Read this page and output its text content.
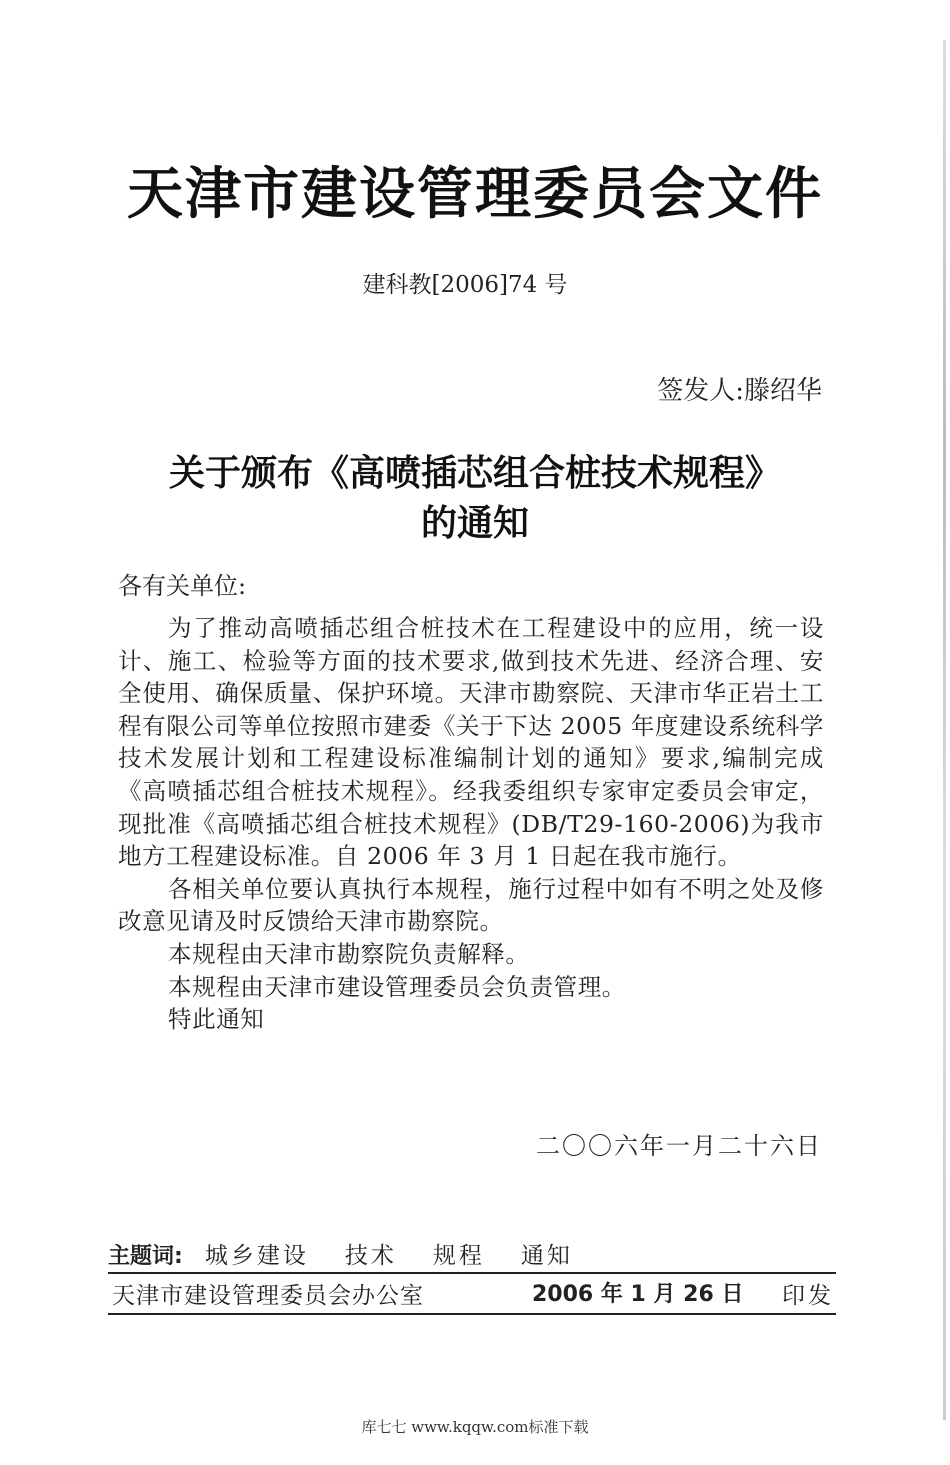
天津市建设管理委员会文件
建科教[2006]74 号
签发人:滕绍华
关于颁布《高喷插芯组合桩技术规程》
的通知
各有关单位:

为了推动高喷插芯组合桩技术在工程建设中的应用，统一设计、施工、检验等方面的技术要求,做到技术先进、经济合理、安全使用、确保质量、保护环境。天津市勘察院、天津市华正岩土工程有限公司等单位按照市建委《关于下达 2005 年度建设系统科学技术发展计划和工程建设标准编制计划的通知》要求,编制完成《高喷插芯组合桩技术规程》。经我委组织专家审定委员会审定，现批准《高喷插芯组合桩技术规程》(DB/T29-160-2006)为我市地方工程建设标准。自 2006 年 3 月 1 日起在我市施行。

各相关单位要认真执行本规程，施行过程中如有不明之处及修改意见请及时反馈给天津市勘察院。

本规程由天津市勘察院负责解释。

本规程由天津市建设管理委员会负责管理。

特此通知

二〇〇六年一月二十六日
主题词: 城乡建设 技术 规程 通知
天津市建设管理委员会办公室	2006 年 1 月 26 日 印发
库七七 www.kqqw.com标准下载
